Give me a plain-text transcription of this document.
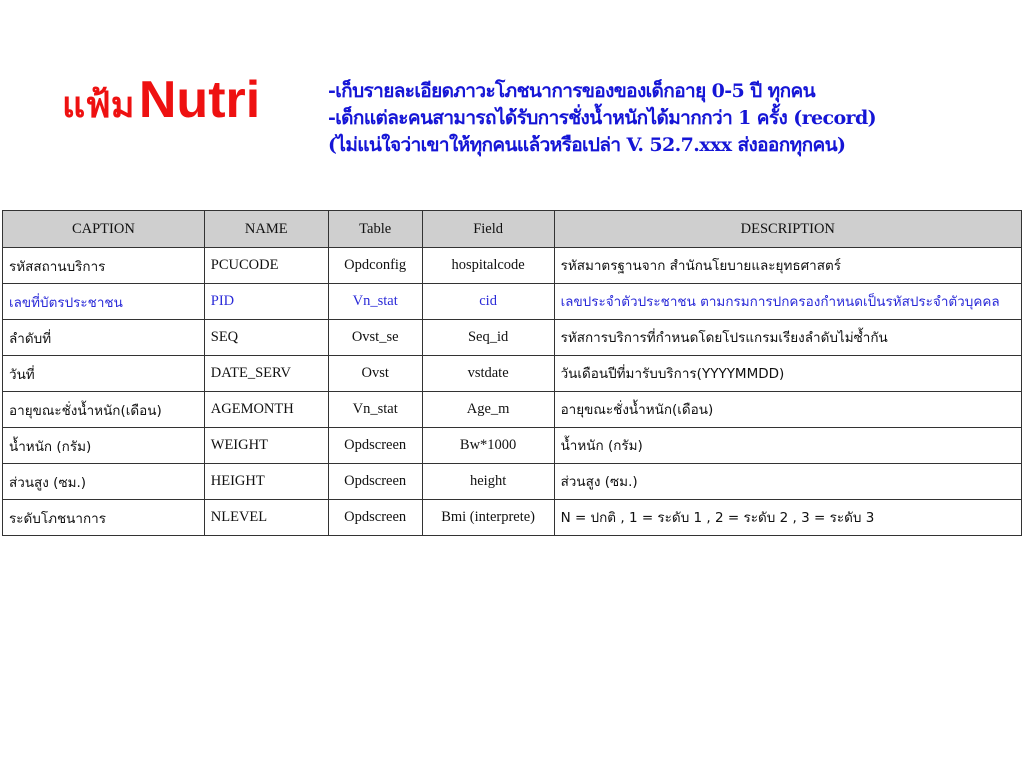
แฟ้ม Nutri	-เก็บรายละเอียดภาวะโภชนาการของของเด็กอายุ 0-5 ปี ทุกคน
-เด็กแต่ละคนสามารถได้รับการชั่งน้ำหนักได้มากกว่า 1 ครั้ง (record)
(ไม่แน่ใจว่าเขาให้ทุกคนแล้วหรือเปล่า V. 52.7.xxx ส่งออกทุกคน)
CAPTION	NAME	Table	Field	DESCRIPTION
รหัสสถานบริการ	PCUCODE	Opdconfig	hospitalcode	รหัสมาตรฐานจาก สำนักนโยบายและยุทธศาสตร์
เลขที่บัตรประชาชน	PID	Vn_stat	cid	เลขประจำตัวประชาชน ตามกรมการปกครองกำหนดเป็นรหัสประจำตัวบุคคล
ลำดับที่	SEQ	Ovst_se	Seq_id	รหัสการบริการที่กำหนดโดยโปรแกรมเรียงลำดับไม่ซ้ำกัน
วันที่	DATE_SERV	Ovst	vstdate	วันเดือนปีที่มารับบริการ(YYYYMMDD)
อายุขณะชั่งน้ำหนัก(เดือน)	AGEMONTH	Vn_stat	Age_m	อายุขณะชั่งน้ำหนัก(เดือน)
น้ำหนัก (กรัม)	WEIGHT	Opdscreen	Bw*1000	น้ำหนัก (กรัม)
ส่วนสูง (ซม.)	HEIGHT	Opdscreen	height	ส่วนสูง (ซม.)
ระดับโภชนาการ	NLEVEL	Opdscreen	Bmi (interprete)	N = ปกติ , 1 = ระดับ 1 , 2 = ระดับ 2 , 3 = ระดับ 3
